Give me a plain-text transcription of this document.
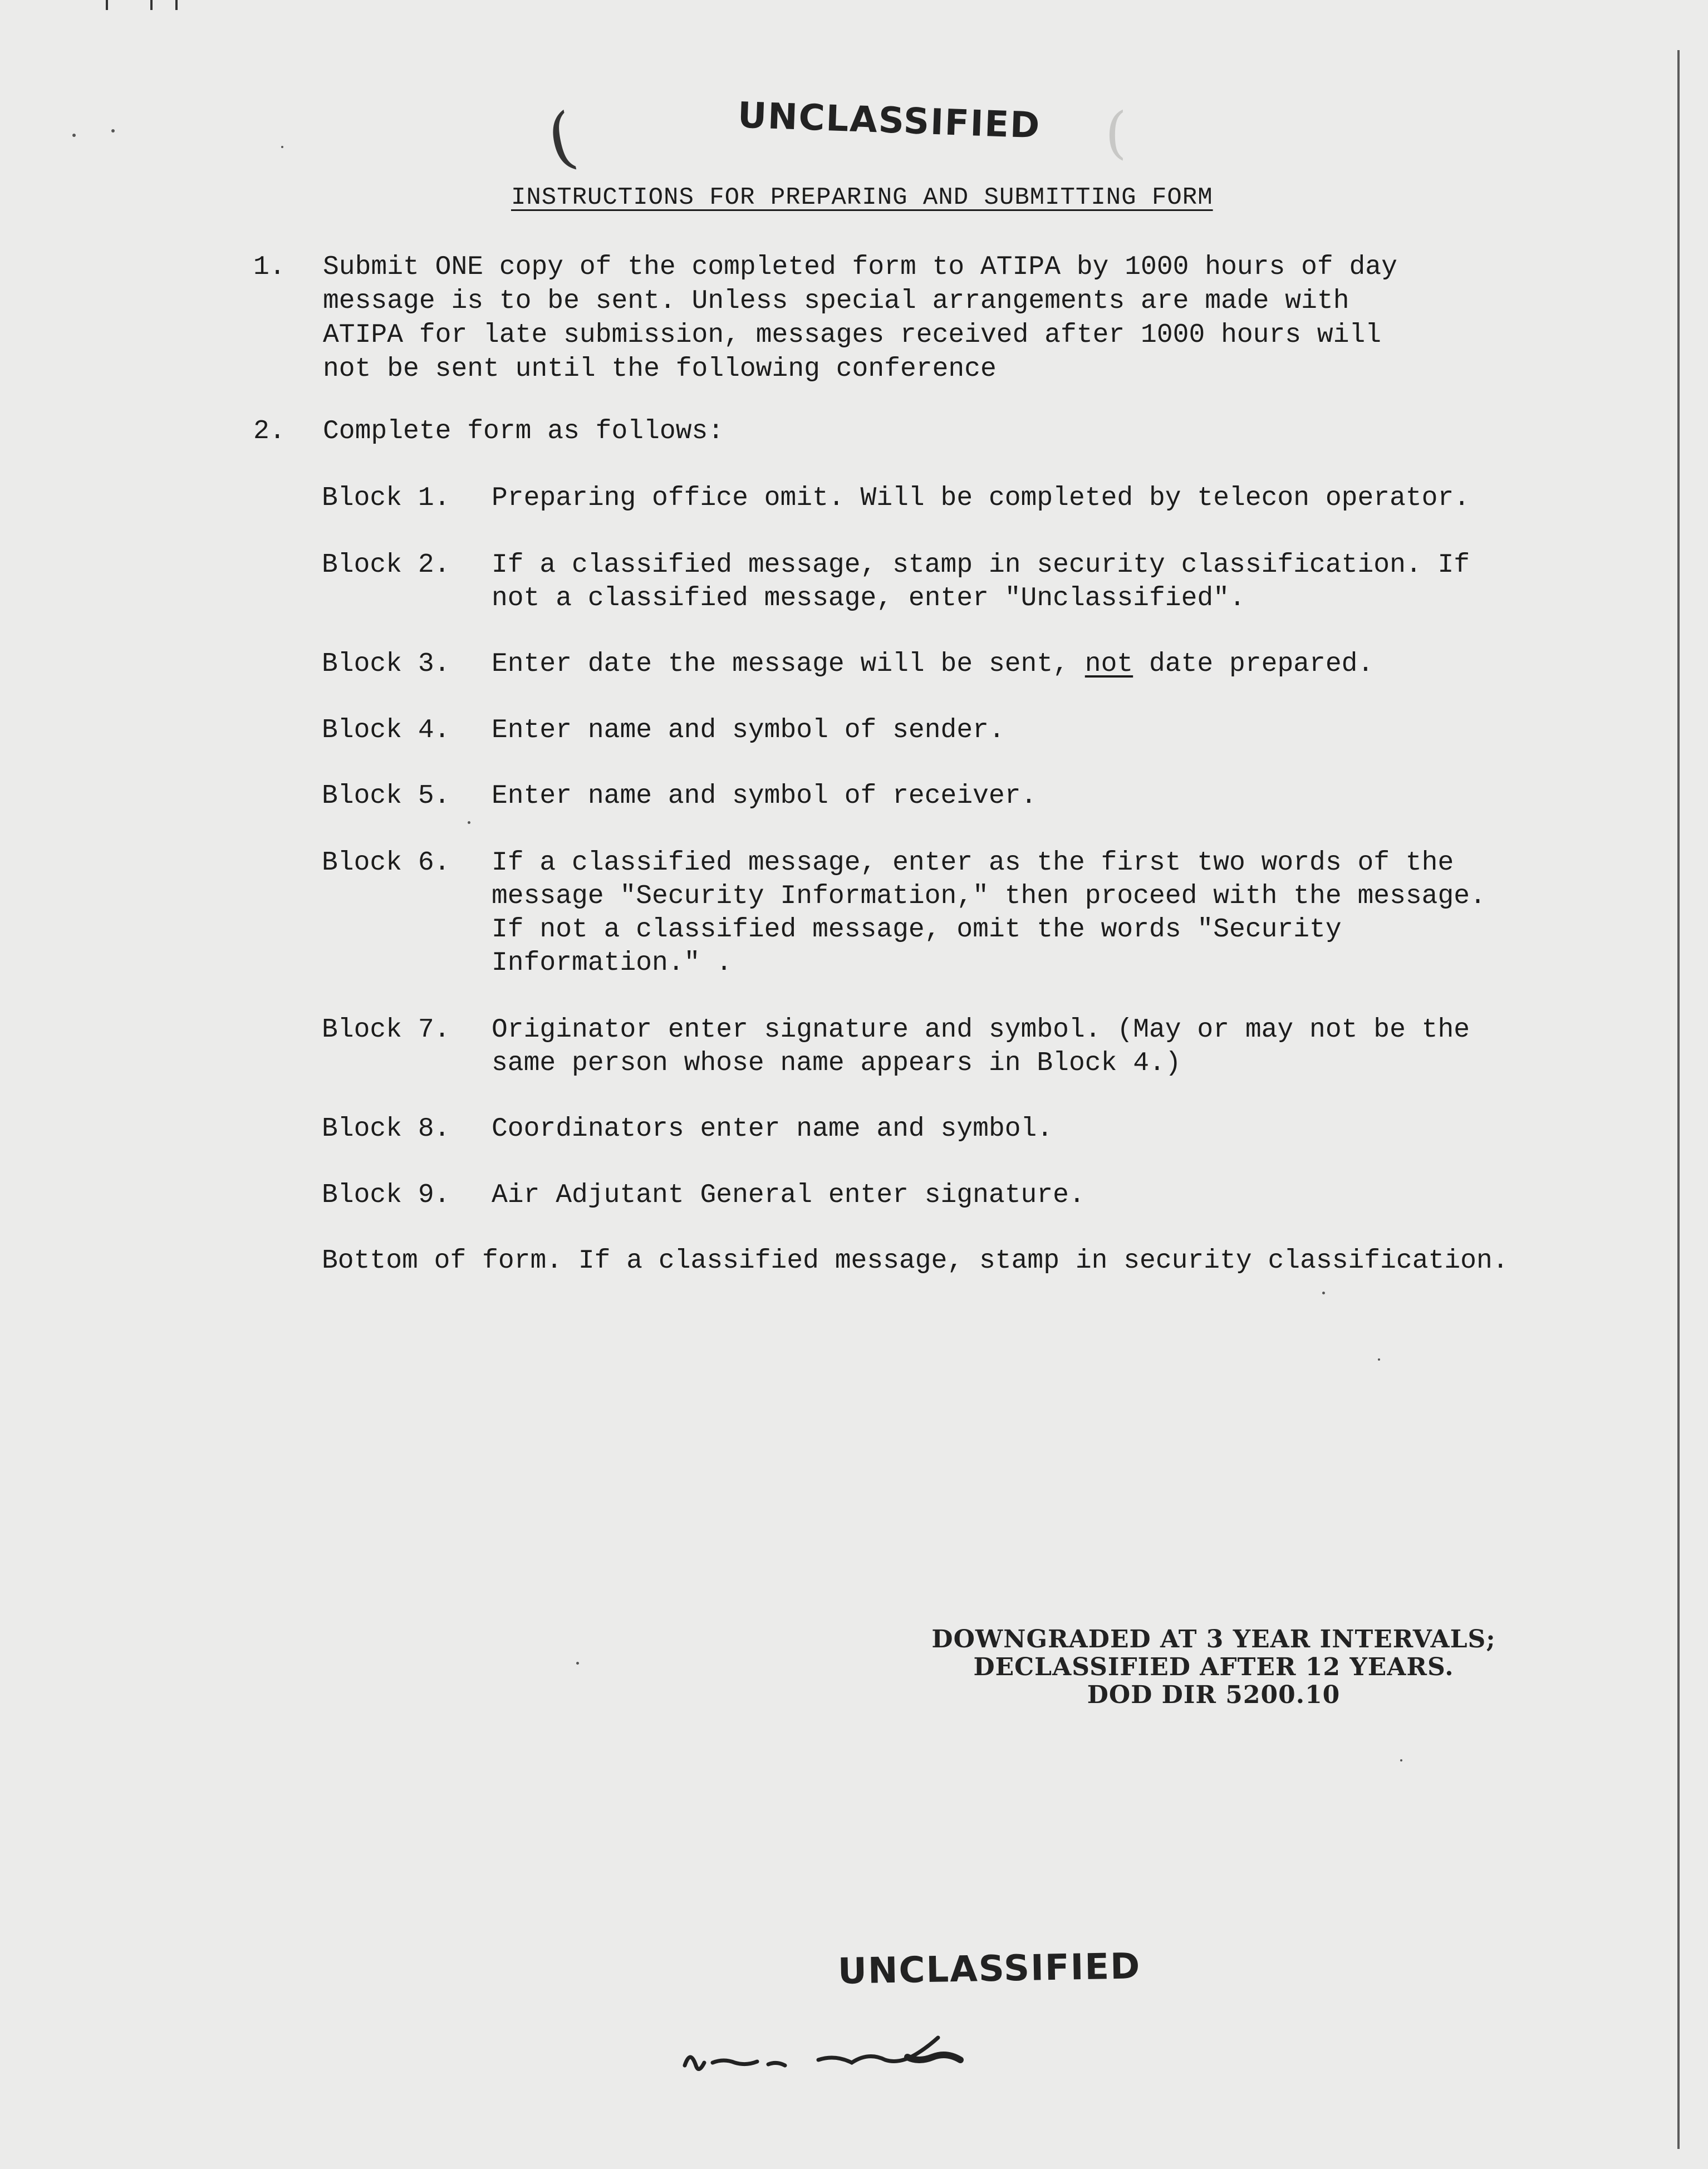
(	(
UNCLASSIFIED
INSTRUCTIONS FOR PREPARING AND SUBMITTING FORM
1. Submit ONE copy of the completed form to ATIPA by 1000 hours of day
message is to be sent. Unless special arrangements are made with
ATIPA for late submission, messages received after 1000 hours will
not be sent until the following conference
2. Complete form as follows:
Block 1. Preparing office omit. Will be completed by telecon operator.
Block 2. If a classified message, stamp in security classification. If
not a classified message, enter "Unclassified".
Block 3. Enter date the message will be sent, not date prepared.
Block 4. Enter name and symbol of sender.
Block 5. Enter name and symbol of receiver.
Block 6. If a classified message, enter as the first two words of the
message "Security Information," then proceed with the message.
If not a classified message, omit the words "Security
Information." .
Block 7. Originator enter signature and symbol. (May or may not be the
same person whose name appears in Block 4.)
Block 8. Coordinators enter name and symbol.
Block 9. Air Adjutant General enter signature.
Bottom of form. If a classified message, stamp in security classification.
DOWNGRADED AT 3 YEAR INTERVALS;
DECLASSIFIED AFTER 12 YEARS.
DOD DIR 5200.10
UNCLASSIFIED
